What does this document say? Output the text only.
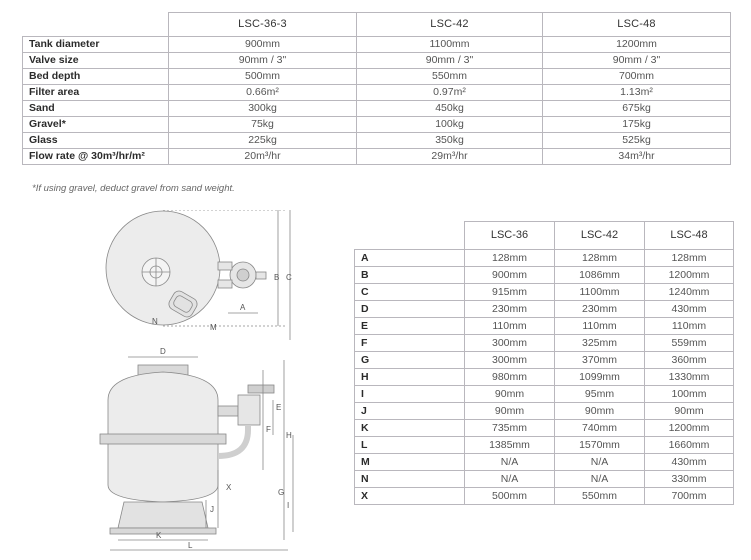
	LSC-36-3	LSC-42	LSC-48
Tank diameter	900mm	1100mm	1200mm
Valve size	90mm / 3"	90mm / 3"	90mm / 3"
Bed depth	500mm	550mm	700mm
Filter area	0.66m²	0.97m²	1.13m²
Sand	300kg	450kg	675kg
Gravel*	75kg	100kg	175kg
Glass	225kg	350kg	525kg
Flow rate @ 30m³/hr/m²	20m³/hr	29m³/hr	34m³/hr

*If using gravel, deduct gravel from sand weight.

A
B C
M
N
D
E
F
G
H
I
J
K
L
X
	LSC-36	LSC-42	LSC-48
A	128mm	128mm	128mm
B	900mm	1086mm	1200mm
C	915mm	1100mm	1240mm
D	230mm	230mm	430mm
E	110mm	110mm	110mm
F	300mm	325mm	559mm
G	300mm	370mm	360mm
H	980mm	1099mm	1330mm
I	90mm	95mm	100mm
J	90mm	90mm	90mm
K	735mm	740mm	1200mm
L	1385mm	1570mm	1660mm
M	N/A	N/A	430mm
N	N/A	N/A	330mm
X	500mm	550mm	700mm
